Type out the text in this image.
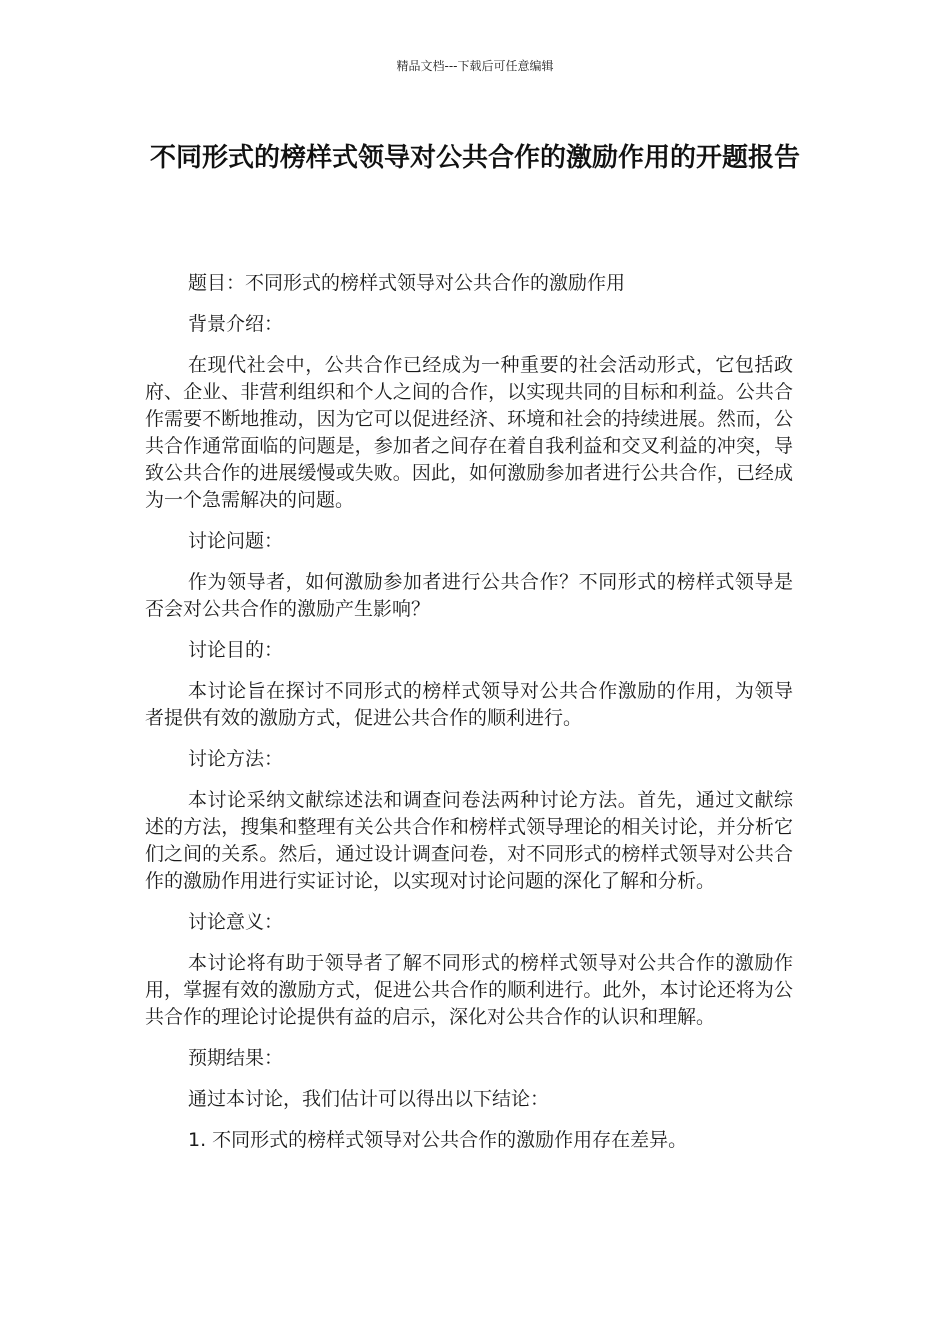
精品文档---下载后可任意编辑
不同形式的榜样式领导对公共合作的激励作用的开题报告

题目：不同形式的榜样式领导对公共合作的激励作用

背景介绍：

在现代社会中，公共合作已经成为一种重要的社会活动形式，它包括政府、企业、非营利组织和个人之间的合作，以实现共同的目标和利益。公共合作需要不断地推动，因为它可以促进经济、环境和社会的持续进展。然而，公共合作通常面临的问题是，参加者之间存在着自我利益和交叉利益的冲突，导致公共合作的进展缓慢或失败。因此，如何激励参加者进行公共合作，已经成为一个急需解决的问题。

讨论问题：

作为领导者，如何激励参加者进行公共合作？不同形式的榜样式领导是否会对公共合作的激励产生影响？

讨论目的：

本讨论旨在探讨不同形式的榜样式领导对公共合作激励的作用，为领导者提供有效的激励方式，促进公共合作的顺利进行。

讨论方法：

本讨论采纳文献综述法和调查问卷法两种讨论方法。首先，通过文献综述的方法，搜集和整理有关公共合作和榜样式领导理论的相关讨论，并分析它们之间的关系。然后，通过设计调查问卷，对不同形式的榜样式领导对公共合作的激励作用进行实证讨论，以实现对讨论问题的深化了解和分析。

讨论意义：

本讨论将有助于领导者了解不同形式的榜样式领导对公共合作的激励作用，掌握有效的激励方式，促进公共合作的顺利进行。此外，本讨论还将为公共合作的理论讨论提供有益的启示，深化对公共合作的认识和理解。

预期结果：

通过本讨论，我们估计可以得出以下结论：

1. 不同形式的榜样式领导对公共合作的激励作用存在差异。
